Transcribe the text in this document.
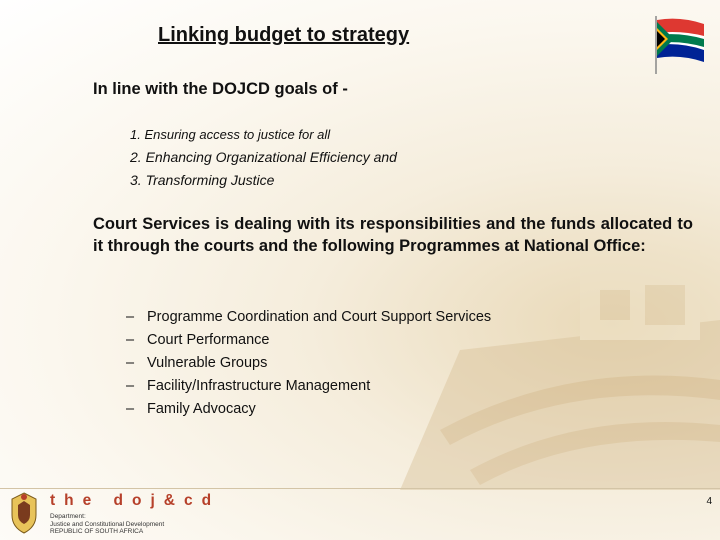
Linking budget to strategy
In line with the DOJCD goals of -
1. Ensuring access to justice for all
2. Enhancing Organizational Efficiency and
3. Transforming Justice
Court Services is dealing with its responsibilities and the funds allocated to it through the courts and the following Programmes at National Office:
– Programme Coordination and Court Support Services
– Court Performance
– Vulnerable Groups
– Facility/Infrastructure Management
– Family Advocacy
the doj&cd
Department:
Justice and Constitutional Development
REPUBLIC OF SOUTH AFRICA
4
